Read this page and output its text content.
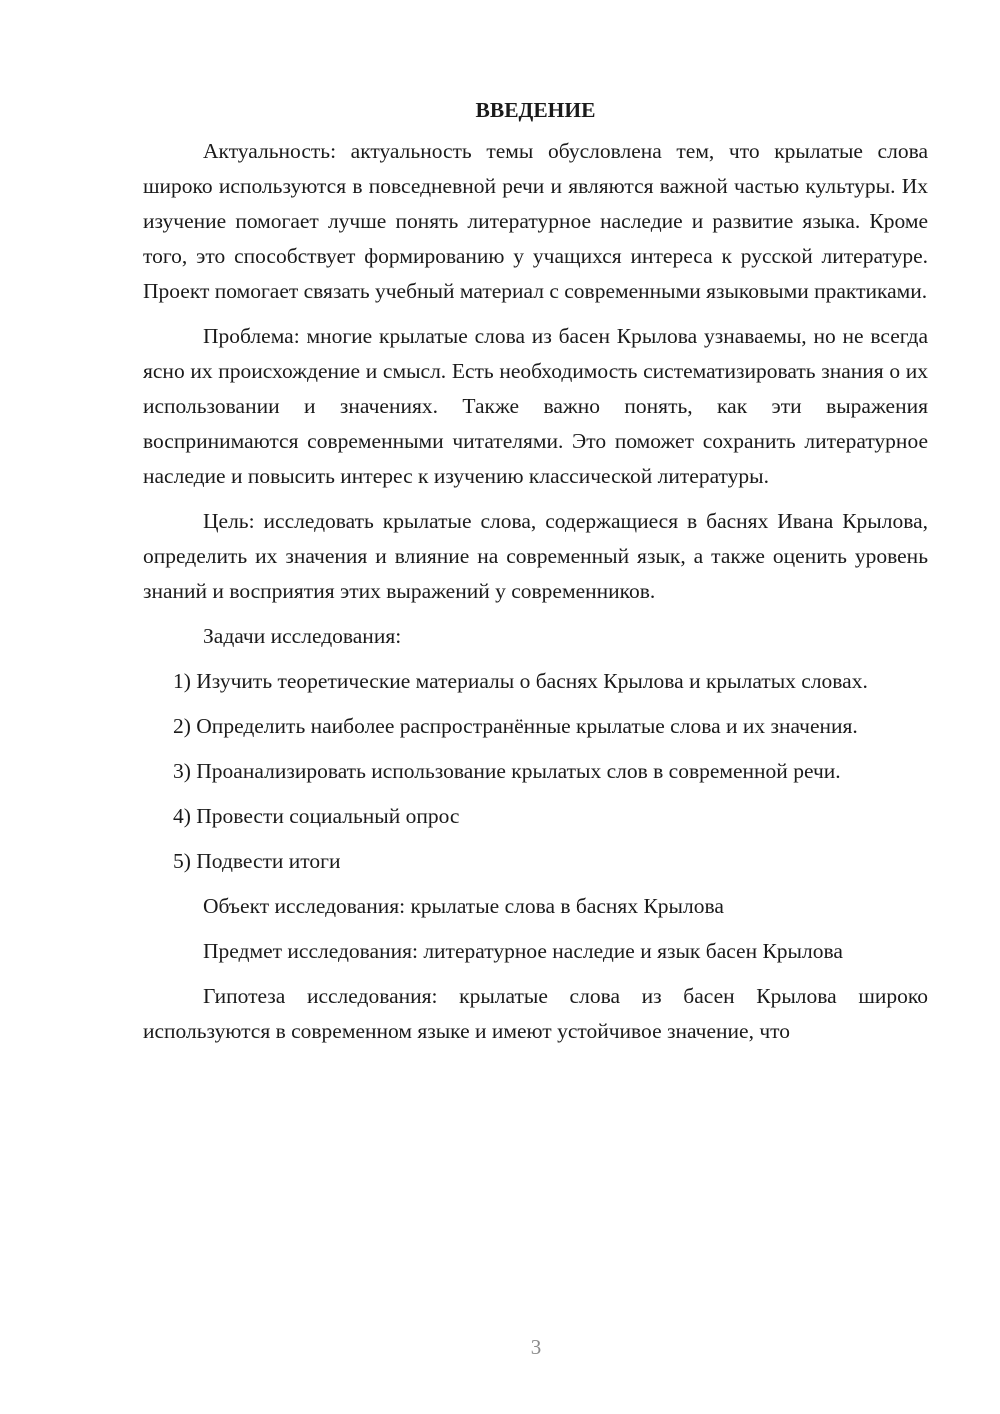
ВВЕДЕНИЕ

Актуальность: актуальность темы обусловлена тем, что крылатые слова широко используются в повседневной речи и являются важной частью культуры. Их изучение помогает лучше понять литературное наследие и развитие языка. Кроме того, это способствует формированию у учащихся интереса к русской литературе. Проект помогает связать учебный материал с современными языковыми практиками.

Проблема: многие крылатые слова из басен Крылова узнаваемы, но не всегда ясно их происхождение и смысл. Есть необходимость систематизировать знания о их использовании и значениях. Также важно понять, как эти выражения воспринимаются современными читателями. Это поможет сохранить литературное наследие и повысить интерес к изучению классической литературы.

Цель: исследовать крылатые слова, содержащиеся в баснях Ивана Крылова, определить их значения и влияние на современный язык, а также оценить уровень знаний и восприятия этих выражений у современников.

Задачи исследования:

1) Изучить теоретические материалы о баснях Крылова и крылатых словах.

2) Определить наиболее распространённые крылатые слова и их значения.

3) Проанализировать использование крылатых слов в современной речи.

4) Провести социальный опрос

5) Подвести итоги

Объект исследования: крылатые слова в баснях Крылова

Предмет исследования: литературное наследие и язык басен Крылова

Гипотеза исследования: крылатые слова из басен Крылова широко используются в современном языке и имеют устойчивое значение, что

3
